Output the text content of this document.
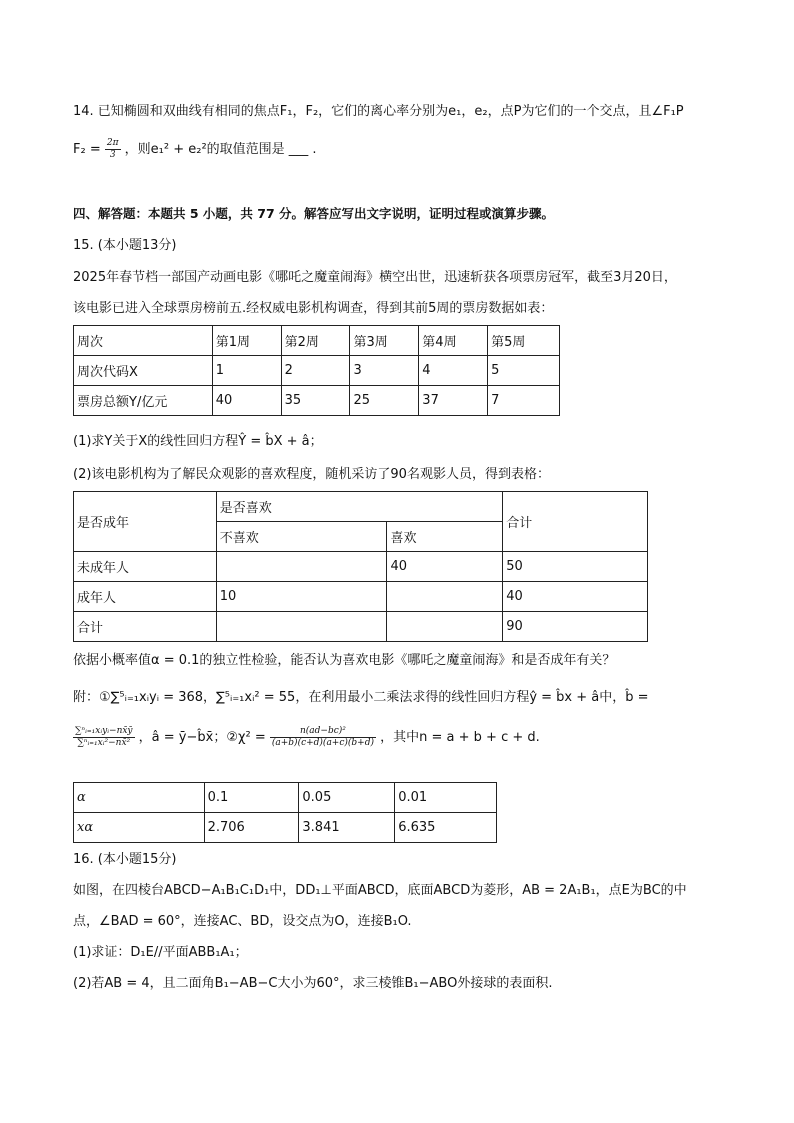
14. 已知椭圆和双曲线有相同的焦点F₁，F₂，它们的离心率分别为e₁，e₂，点P为它们的一个交点，且∠F₁P
$F_2 = \frac{2\pi}{3}$ ，则e₁² + e₂²的取值范围是 ___ .
四、解答题：本题共 5 小题，共 77 分。解答应写出文字说明，证明过程或演算步骤。
15. (本小题13分)
2025年春节档一部国产动画电影《哪吒之魔童闹海》横空出世，迅速斩获各项票房冠军，截至3月20日，
该电影已进入全球票房榜前五.经权威电影机构调查，得到其前5周的票房数据如表：
周次	第1周	第2周	第3周	第4周	第5周
周次代码X	1	2	3	4	5
票房总额Y/亿元	40	35	25	37	7
(1)求Y关于X的线性回归方程Ŷ = b̂X + â；
(2)该电影机构为了解民众观影的喜欢程度，随机采访了90名观影人员，得到表格：
是否成年	是否喜欢		合计
	不喜欢	喜欢	
未成年人		40	50
成年人	10		40
合计			90
依据小概率值α = 0.1的独立性检验，能否认为喜欢电影《哪吒之魔童闹海》和是否成年有关？
附：①∑⁵ᵢ₌₁xᵢyᵢ = 368，∑⁵ᵢ₌₁xᵢ² = 55，在利用最小二乘法求得的线性回归方程ŷ = b̂x + â中，b̂ =
$\frac{\text{∑ⁿᵢ₌₁xᵢyᵢ−nx̄ȳ}}{\text{∑ⁿᵢ₌₁xᵢ²−nx̄²}}$ ，â = ȳ−b̂x̄；②χ² = $\frac{\text{n(ad−bc)²}}{(a+b)(c+d)(a+c)(b+d)}$ ，其中n = a + b + c + d.
α	0.1	0.05	0.01
xα	2.706	3.841	6.635
16. (本小题15分)
如图，在四棱台ABCD−A₁B₁C₁D₁中，DD₁⊥平面ABCD，底面ABCD为菱形，AB = 2A₁B₁，点E为BC的中
点，∠BAD = 60°，连接AC、BD，设交点为O，连接B₁O.
(1)求证：D₁E//平面ABB₁A₁；
(2)若AB = 4，且二面角B₁−AB−C大小为60°，求三棱锥B₁−ABO外接球的表面积.
